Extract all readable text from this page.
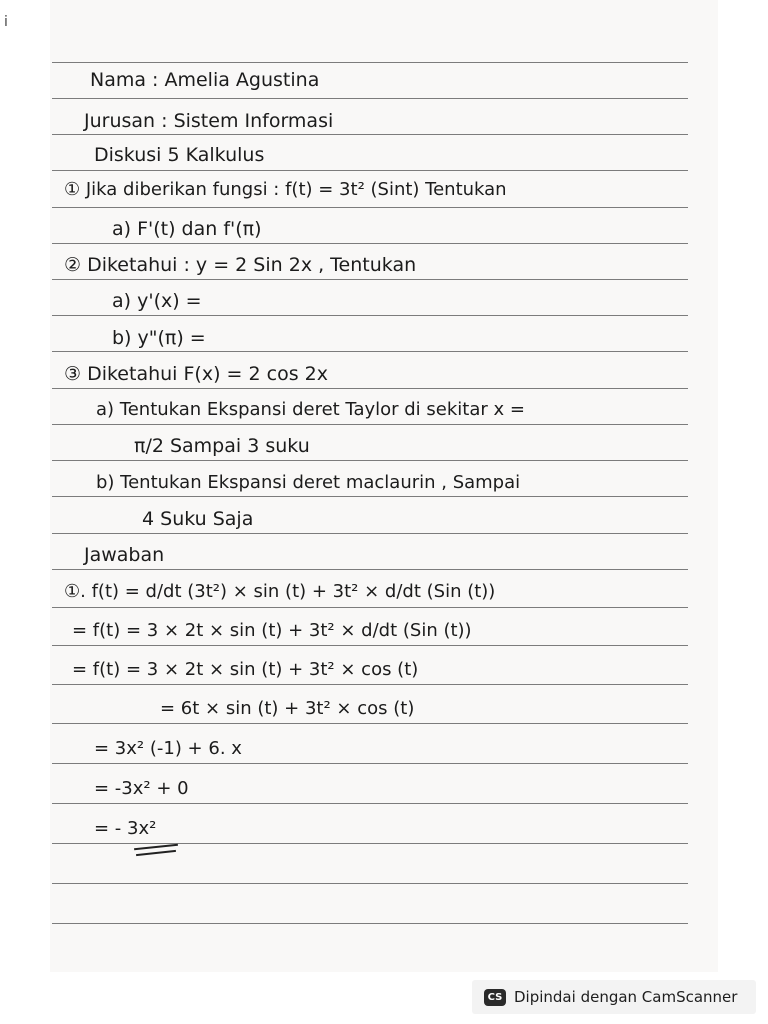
i
Nama : Amelia Agustina
Jurusan : Sistem Informasi
Diskusi 5 Kalkulus
① Jika diberikan fungsi : f(t) = 3t² (Sint) Tentukan
a) F'(t) dan f'(π)
② Diketahui : y = 2 Sin 2x , Tentukan
a) y'(x) =
b) y"(π) =
③ Diketahui F(x) = 2 cos 2x
a) Tentukan Ekspansi deret Taylor di sekitar x =
π/2 Sampai 3 suku
b) Tentukan Ekspansi deret maclaurin , Sampai
4 Suku Saja
Jawaban
①. f(t) = d/dt (3t²) × sin (t) + 3t² × d/dt (Sin (t))
= f(t) = 3 × 2t × sin (t) + 3t² × d/dt (Sin (t))
= f(t) = 3 × 2t × sin (t) + 3t² × cos (t)
= 6t × sin (t) + 3t² × cos (t)
= 3x² (-1) + 6. x
= -3x² + 0
= - 3x²
CS Dipindai dengan CamScanner
